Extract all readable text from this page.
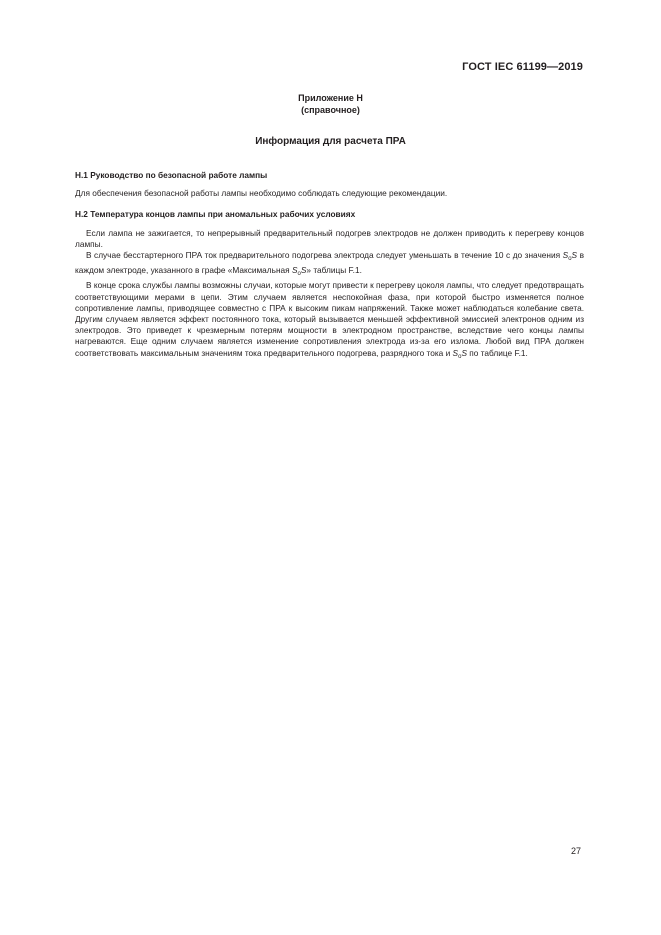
ГОСТ IEC 61199—2019
Приложение H
(справочное)
Информация для расчета ПРА
H.1 Руководство по безопасной работе лампы

Для обеспечения безопасной работы лампы необходимо соблюдать следующие рекомендации.

H.2 Температура концов лампы при аномальных рабочих условиях

Если лампа не зажигается, то непрерывный предварительный подогрев электродов не должен приводить к перегреву концов лампы.

В случае бесстартерного ПРА ток предварительного подогрева электрода следует уменьшать в течение 10 с до значения $S_oS$ в каждом электроде, указанного в графе «Максимальная $S_oS$» таблицы F.1.

В конце срока службы лампы возможны случаи, которые могут привести к перегреву цоколя лампы, что следует предотвращать соответствующими мерами в цепи. Этим случаем является неспокойная фаза, при которой быстро изменяется полное сопротивление лампы, приводящее совместно с ПРА к высоким пикам напряжений. Также может наблюдаться колебание света. Другим случаем является эффект постоянного тока, который вызывается меньшей эффективной эмиссией электронов одним из электродов. Это приведет к чрезмерным потерям мощности в электродном пространстве, вследствие чего концы лампы нагреваются. Еще одним случаем является изменение сопротивления электрода из-за его излома. Любой вид ПРА должен соответствовать максимальным значениям тока предварительного подогрева, разрядного тока и $S_oS$ по таблице F.1.

27
